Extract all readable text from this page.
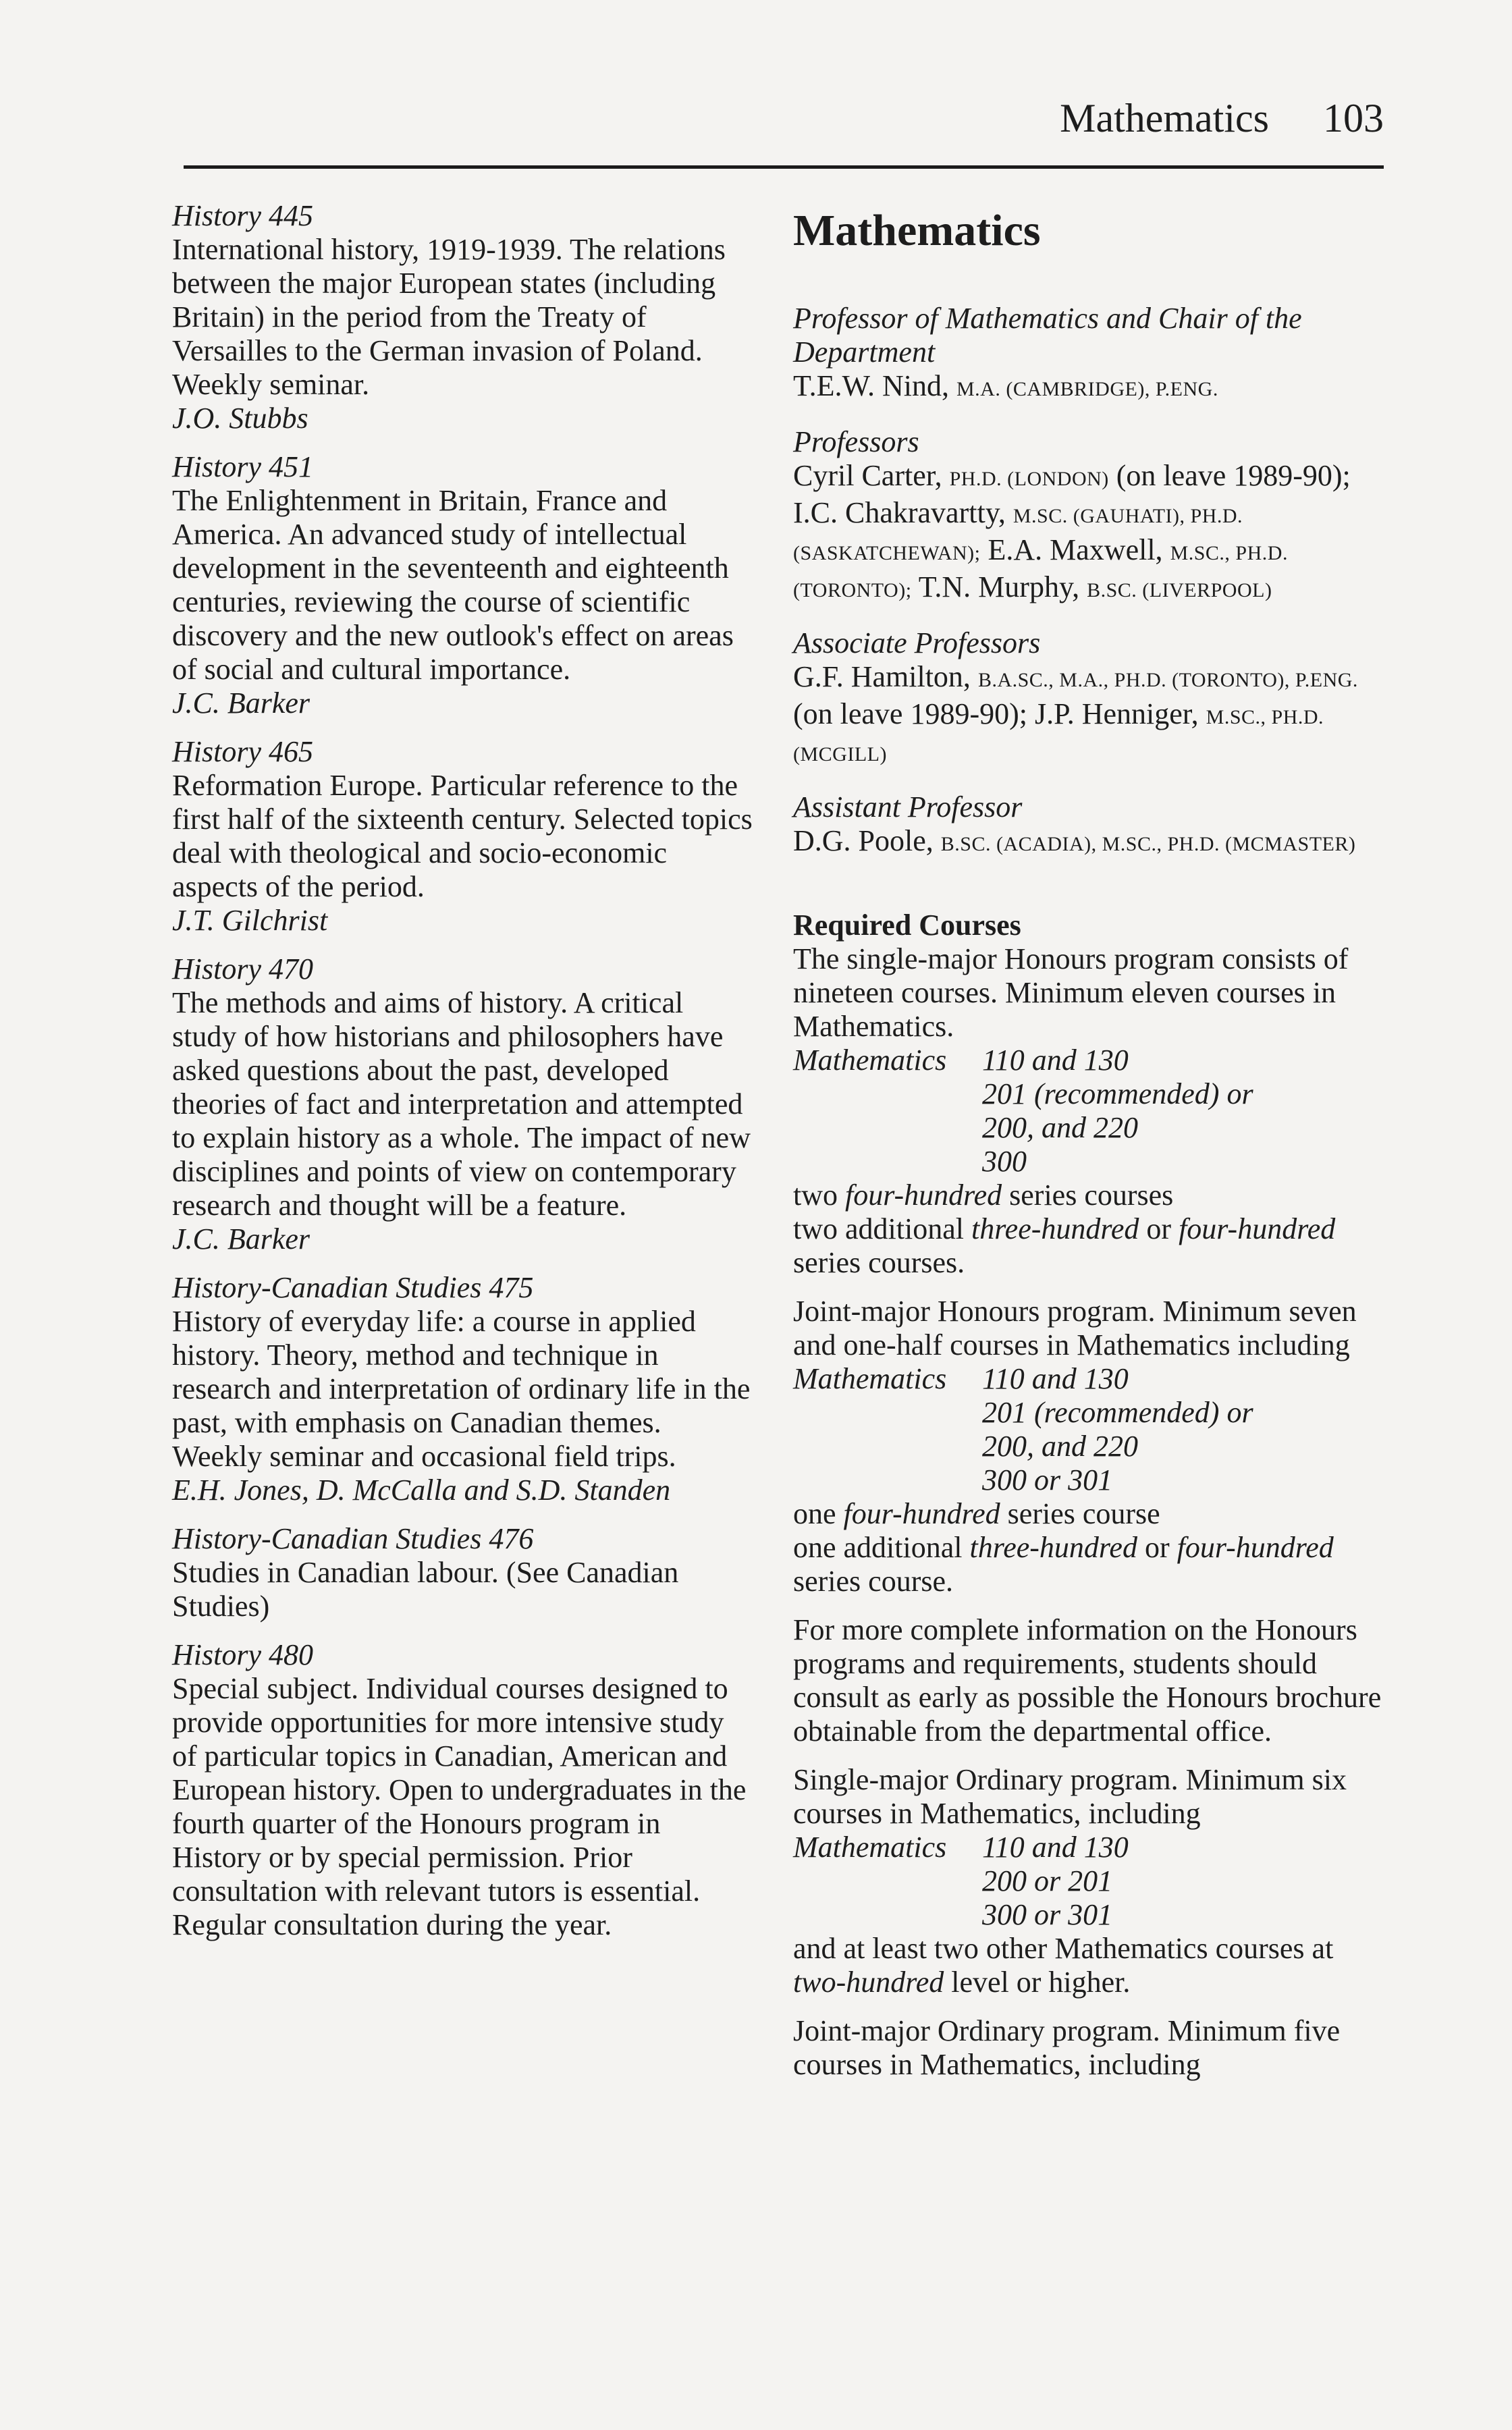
Mathematics 103
History 445

International history, 1919-1939. The relations between the major European states (including Britain) in the period from the Treaty of Versailles to the German invasion of Poland. Weekly seminar.

J.O. Stubbs
History 451

The Enlightenment in Britain, France and America. An advanced study of intellectual development in the seventeenth and eighteenth centuries, reviewing the course of scientific discovery and the new outlook's effect on areas of social and cultural importance.

J.C. Barker
History 465

Reformation Europe. Particular reference to the first half of the sixteenth century. Selected topics deal with theological and socio-economic aspects of the period.

J.T. Gilchrist
History 470

The methods and aims of history. A critical study of how historians and philosophers have asked questions about the past, developed theories of fact and interpretation and attempted to explain history as a whole. The impact of new disciplines and points of view on contemporary research and thought will be a feature.

J.C. Barker
History-Canadian Studies 475

History of everyday life: a course in applied history. Theory, method and technique in research and interpretation of ordinary life in the past, with emphasis on Canadian themes. Weekly seminar and occasional field trips.

E.H. Jones, D. McCalla and S.D. Standen
History-Canadian Studies 476

Studies in Canadian labour. (See Canadian Studies)

History 480

Special subject. Individual courses designed to provide opportunities for more intensive study of particular topics in Canadian, American and European history. Open to undergraduates in the fourth quarter of the Honours program in History or by special permission. Prior consultation with relevant tutors is essential. Regular consultation during the year.

Mathematics
Professor of Mathematics and Chair of the Department

T.E.W. Nind, M.A. (CAMBRIDGE), P.ENG.

Professors

Cyril Carter, PH.D. (LONDON) (on leave 1989-90); I.C. Chakravartty, M.SC. (GAUHATI), PH.D. (SASKATCHEWAN); E.A. Maxwell, M.SC., PH.D. (TORONTO); T.N. Murphy, B.SC. (LIVERPOOL)

Associate Professors

G.F. Hamilton, B.A.SC., M.A., PH.D. (TORONTO), P.ENG. (on leave 1989-90); J.P. Henniger, M.SC., PH.D. (MCGILL)

Assistant Professor

D.G. Poole, B.SC. (ACADIA), M.SC., PH.D. (MCMASTER)

Required Courses

The single-major Honours program consists of nineteen courses. Minimum eleven courses in Mathematics.

Mathematics	110 and 130
201 (recommended) or
200, and 220
300

two four-hundred series courses

two additional three-hundred or four-hundred series courses.

Joint-major Honours program. Minimum seven and one-half courses in Mathematics including

Mathematics	110 and 130
201 (recommended) or
200, and 220
300 or 301

one four-hundred series course

one additional three-hundred or four-hundred series course.

For more complete information on the Honours programs and requirements, students should consult as early as possible the Honours brochure obtainable from the departmental office.

Single-major Ordinary program. Minimum six courses in Mathematics, including

Mathematics	110 and 130
200 or 201
300 or 301

and at least two other Mathematics courses at two-hundred level or higher.

Joint-major Ordinary program. Minimum five courses in Mathematics, including
